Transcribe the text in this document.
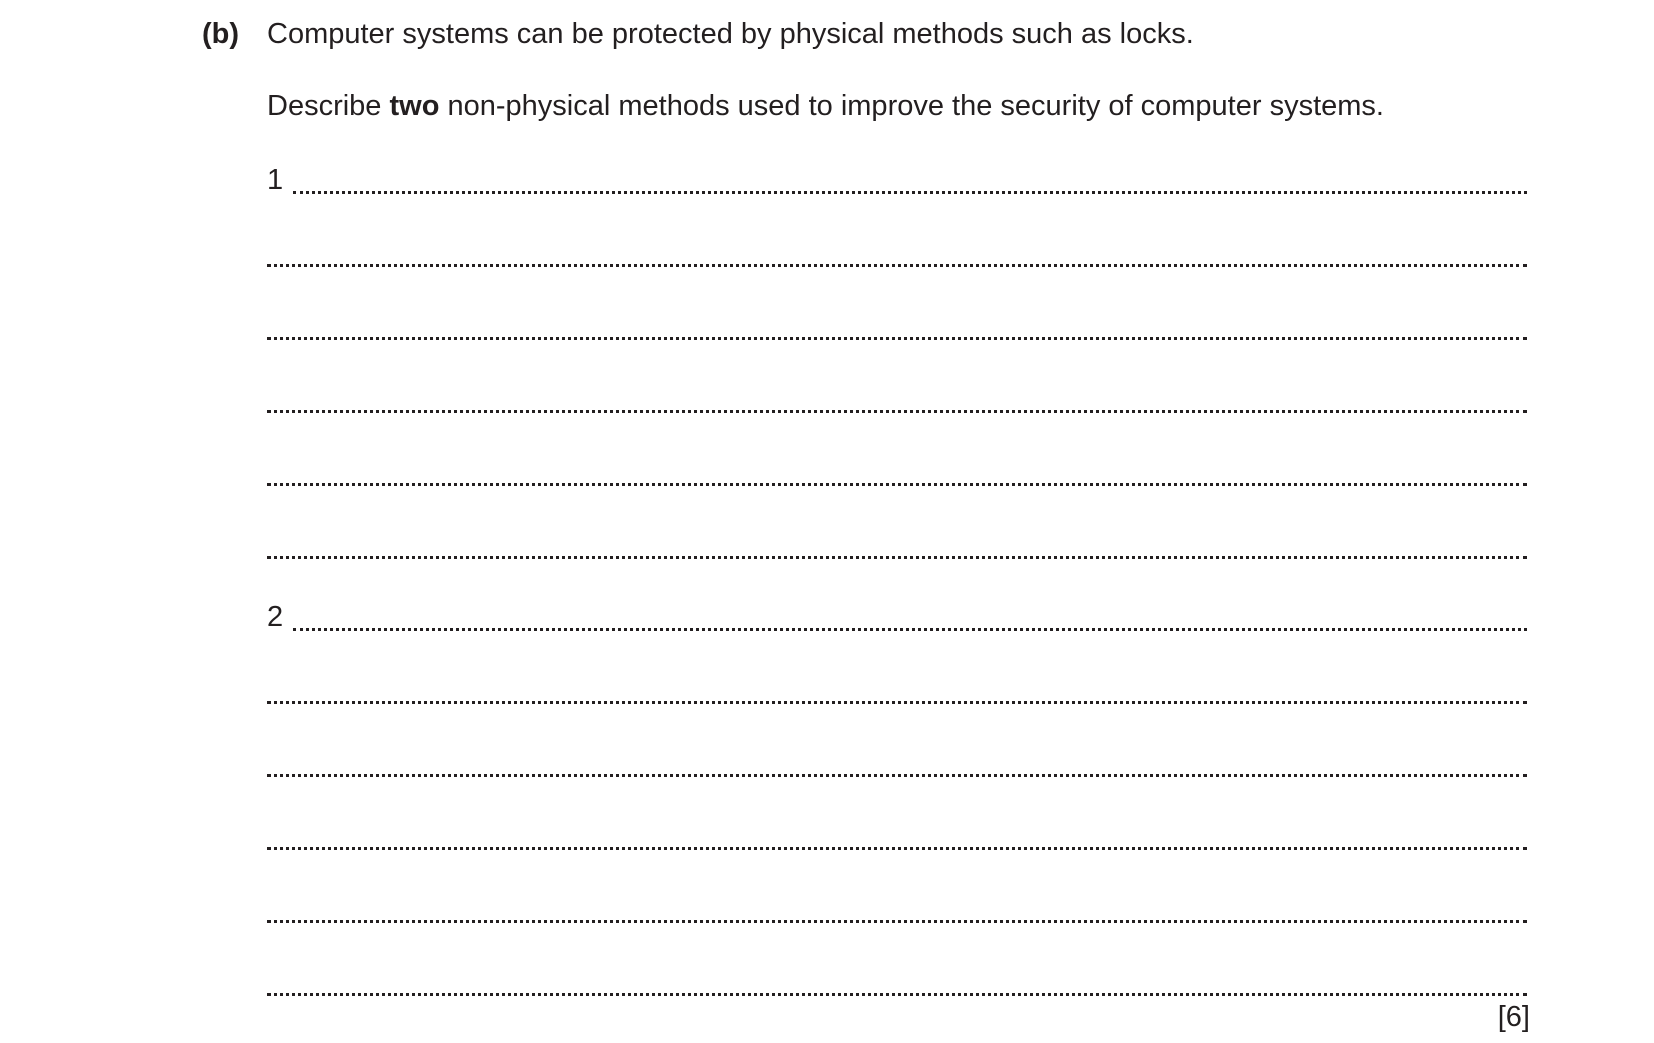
(b) Computer systems can be protected by physical methods such as locks.
Describe two non-physical methods used to improve the security of computer systems.
1
2
[6]
